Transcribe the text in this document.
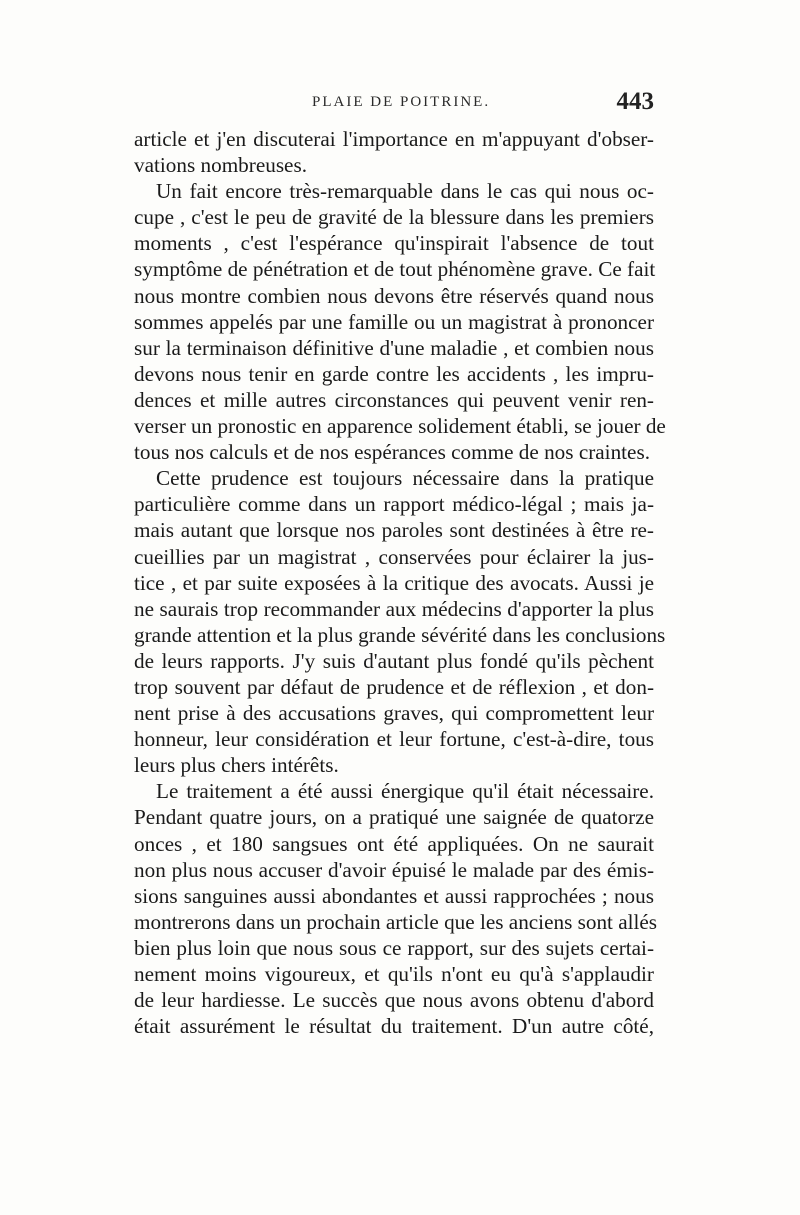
PLAIE DE POITRINE.	443
article et j'en discuterai l'importance en m'appuyant d'obser-
vations nombreuses.
Un fait encore très-remarquable dans le cas qui nous oc-
cupe , c'est le peu de gravité de la blessure dans les premiers
moments , c'est l'espérance qu'inspirait l'absence de tout
symptôme de pénétration et de tout phénomène grave. Ce fait
nous montre combien nous devons être réservés quand nous
sommes appelés par une famille ou un magistrat à prononcer
sur la terminaison définitive d'une maladie , et combien nous
devons nous tenir en garde contre les accidents , les impru-
dences et mille autres circonstances qui peuvent venir ren-
verser un pronostic en apparence solidement établi, se jouer de
tous nos calculs et de nos espérances comme de nos craintes.
Cette prudence est toujours nécessaire dans la pratique
particulière comme dans un rapport médico-légal ; mais ja-
mais autant que lorsque nos paroles sont destinées à être re-
cueillies par un magistrat , conservées pour éclairer la jus-
tice , et par suite exposées à la critique des avocats. Aussi je
ne saurais trop recommander aux médecins d'apporter la plus
grande attention et la plus grande sévérité dans les conclusions
de leurs rapports. J'y suis d'autant plus fondé qu'ils pèchent
trop souvent par défaut de prudence et de réflexion , et don-
nent prise à des accusations graves, qui compromettent leur
honneur, leur considération et leur fortune, c'est-à-dire, tous
leurs plus chers intérêts.
Le traitement a été aussi énergique qu'il était nécessaire.
Pendant quatre jours, on a pratiqué une saignée de quatorze
onces , et 180 sangsues ont été appliquées. On ne saurait
non plus nous accuser d'avoir épuisé le malade par des émis-
sions sanguines aussi abondantes et aussi rapprochées ; nous
montrerons dans un prochain article que les anciens sont allés
bien plus loin que nous sous ce rapport, sur des sujets certai-
nement moins vigoureux, et qu'ils n'ont eu qu'à s'applaudir
de leur hardiesse. Le succès que nous avons obtenu d'abord
était assurément le résultat du traitement. D'un autre côté,
